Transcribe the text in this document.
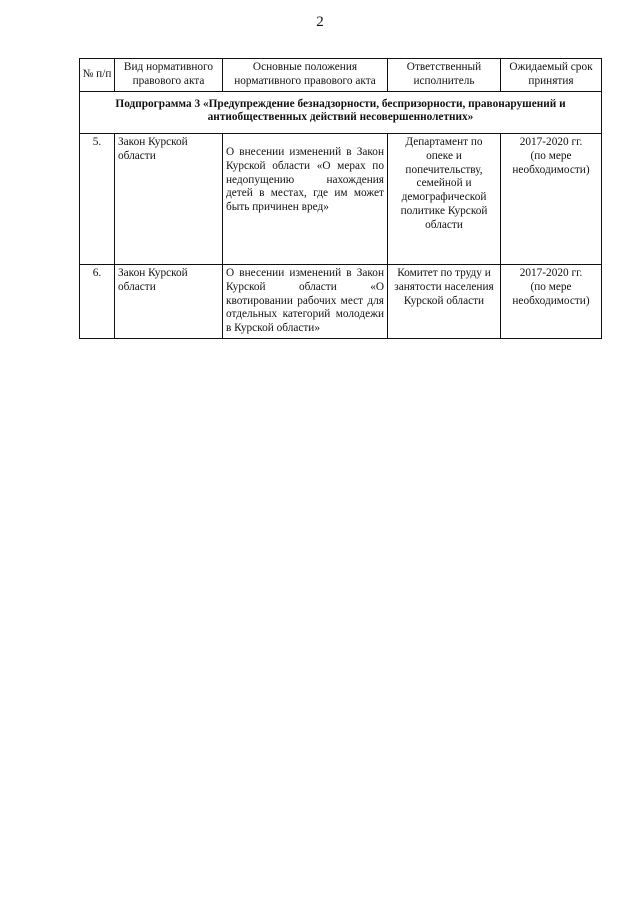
2
№ п/п	Вид нормативного правового акта	Основные положения нормативного правового акта	Ответственный исполнитель	Ожидаемый срок принятия
Подпрограмма 3 «Предупреждение безнадзорности, беспризорности, правонарушений и антиобщественных действий несовершеннолетних»				
5.	Закон Курской области	О внесении изменений в Закон Курской области «О мерах по недопущению нахождения детей в местах, где им может быть причинен вред»	Департамент по опеке и попечительству, семейной и демографической политике Курской области	2017-2020 гг.
(по мере необходимости)

6.	Закон Курской области	О внесении изменений в Закон Курской области «О квотировании рабочих мест для отдельных категорий молодежи в Курской области»	Комитет по труду и занятости населения Курской области	2017-2020 гг.
(по мере необходимости)
